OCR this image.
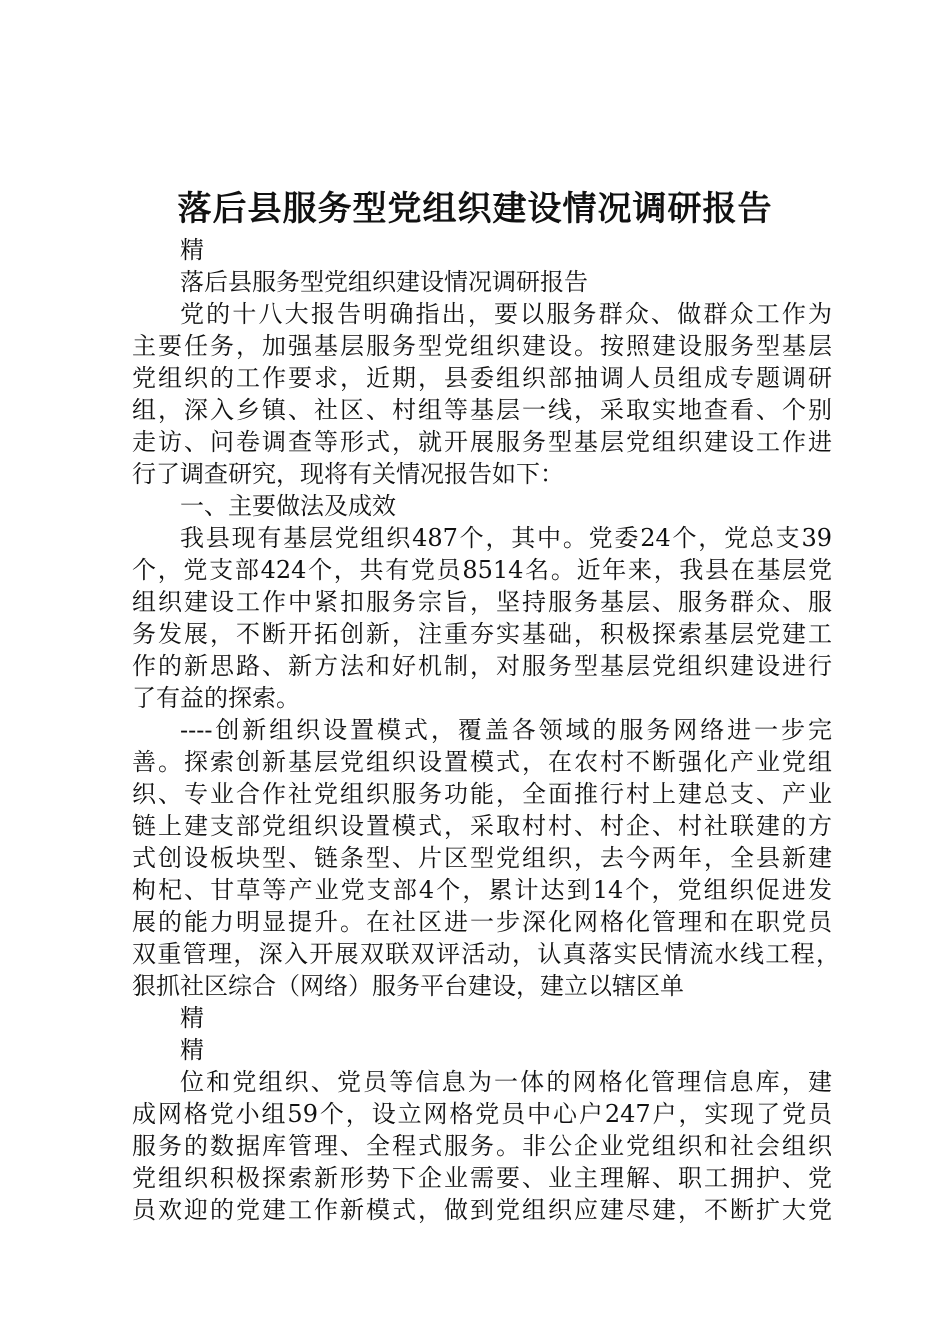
落后县服务型党组织建设情况调研报告
精
落后县服务型党组织建设情况调研报告
党的十八大报告明确指出，要以服务群众、做群众工作为
主要任务，加强基层服务型党组织建设。按照建设服务型基层
党组织的工作要求，近期，县委组织部抽调人员组成专题调研
组，深入乡镇、社区、村组等基层一线，采取实地查看、个别
走访、问卷调查等形式，就开展服务型基层党组织建设工作进
行了调查研究，现将有关情况报告如下：
一、主要做法及成效
我县现有基层党组织487个，其中。党委24个，党总支39
个，党支部424个，共有党员8514名。近年来，我县在基层党
组织建设工作中紧扣服务宗旨，坚持服务基层、服务群众、服
务发展，不断开拓创新，注重夯实基础，积极探索基层党建工
作的新思路、新方法和好机制，对服务型基层党组织建设进行
了有益的探索。
----创新组织设置模式，覆盖各领域的服务网络进一步完
善。探索创新基层党组织设置模式，在农村不断强化产业党组
织、专业合作社党组织服务功能，全面推行村上建总支、产业
链上建支部党组织设置模式，采取村村、村企、村社联建的方
式创设板块型、链条型、片区型党组织，去今两年，全县新建
枸杞、甘草等产业党支部4个，累计达到14个，党组织促进发
展的能力明显提升。在社区进一步深化网格化管理和在职党员
双重管理，深入开展双联双评活动，认真落实民情流水线工程，
狠抓社区综合（网络）服务平台建设，建立以辖区单
精
精
位和党组织、党员等信息为一体的网格化管理信息库，建
成网格党小组59个，设立网格党员中心户247户，实现了党员
服务的数据库管理、全程式服务。非公企业党组织和社会组织
党组织积极探索新形势下企业需要、业主理解、职工拥护、党
员欢迎的党建工作新模式，做到党组织应建尽建，不断扩大党
